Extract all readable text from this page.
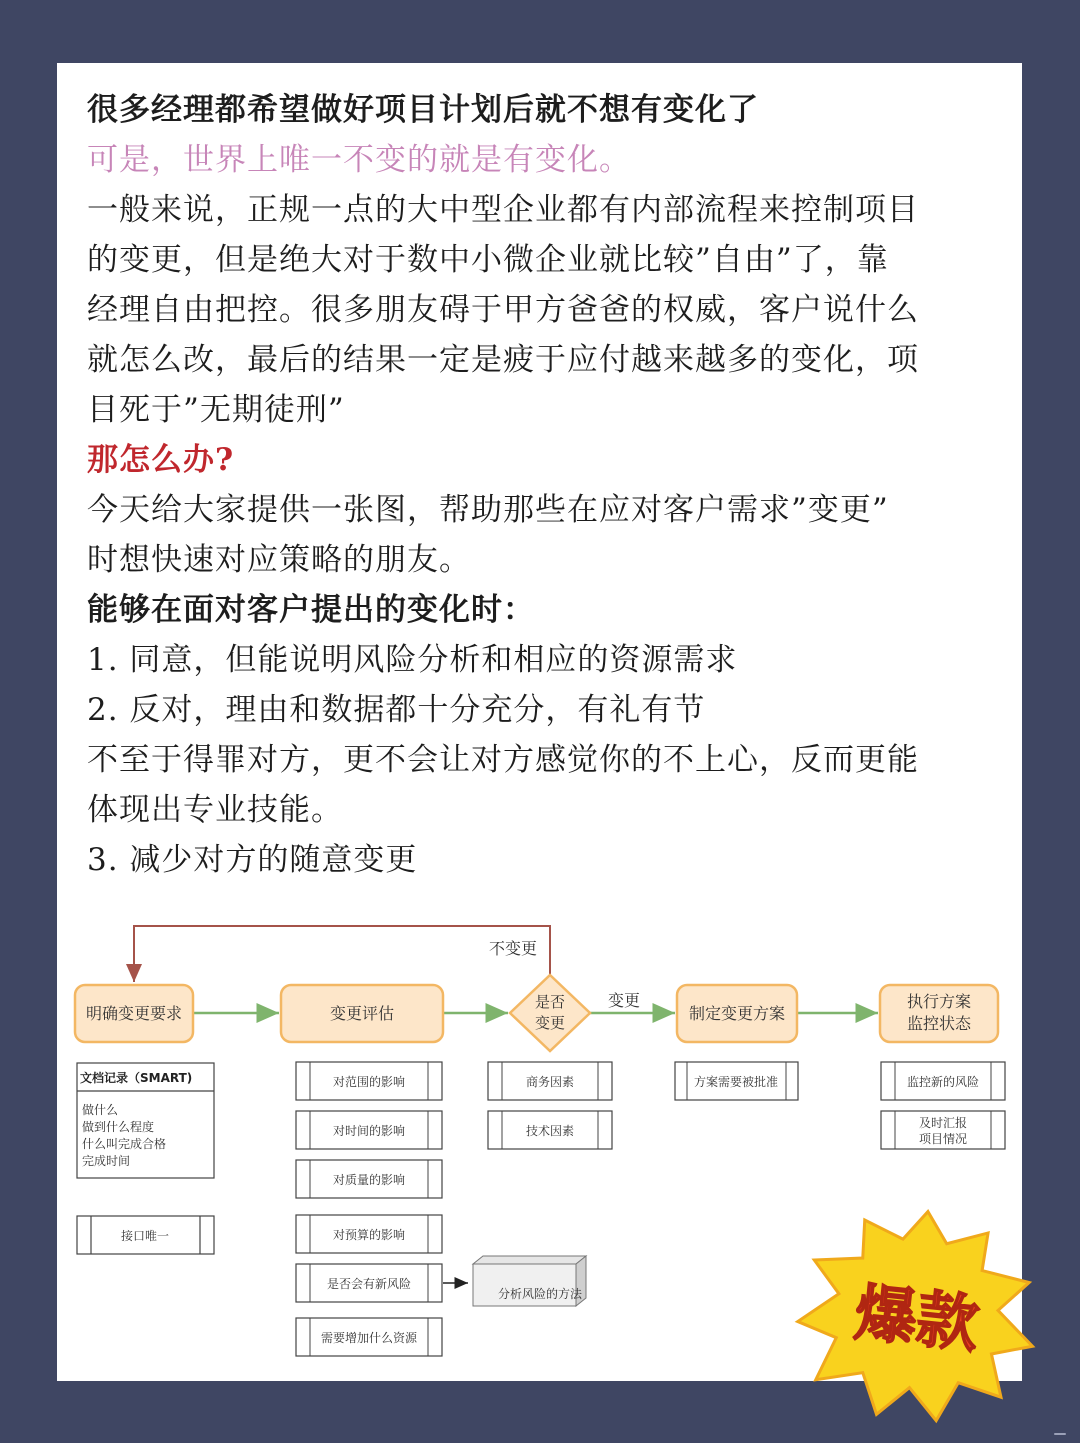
很多经理都希望做好项目计划后就不想有变化了
可是，世界上唯一不变的就是有变化。
一般来说，正规一点的大中型企业都有内部流程来控制项目
的变更，但是绝大对于数中小微企业就比较”自由”了，靠
经理自由把控。很多朋友碍于甲方爸爸的权威，客户说什么
就怎么改，最后的结果一定是疲于应付越来越多的变化，项
目死于”无期徒刑”
那怎么办?
今天给大家提供一张图，帮助那些在应对客户需求”变更”
时想快速对应策略的朋友。
能够在面对客户提出的变化时：
1. 同意，但能说明风险分析和相应的资源需求
2. 反对，理由和数据都十分充分，有礼有节
不至于得罪对方，更不会让对方感觉你的不上心，反而更能
体现出专业技能。
3. 减少对方的随意变更
不变更
变更
明确变更要求	变更评估
是否
变更	制定变更方案
执行方案
监控状态
文档记录（SMART)
做什么
做到什么程度
什么叫完成合格
完成时间
接口唯一
对范围的影响
对时间的影响
对质量的影响
对预算的影响
是否会有新风险
需要增加什么资源
分析风险的方法
商务因素
技术因素
方案需要被批准	监控新的风险
及时汇报
项目情况
爆款
